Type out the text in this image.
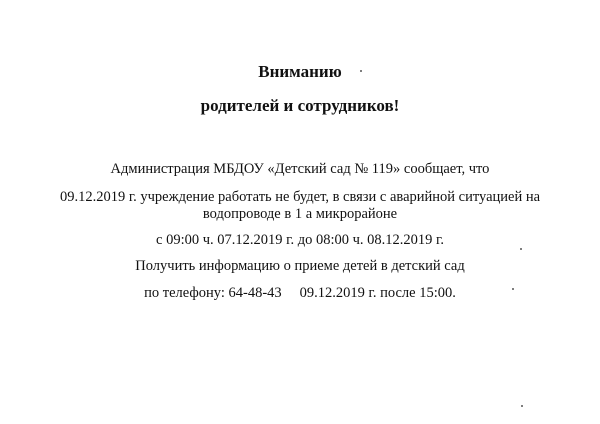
Вниманию
родителей и сотрудников!
Администрация МБДОУ «Детский сад № 119» сообщает, что
09.12.2019 г. учреждение работать не будет, в связи с аварийной ситуацией на
водопроводе в 1 а микрорайоне
с 09:00 ч. 07.12.2019 г. до 08:00 ч. 08.12.2019 г.
Получить информацию о приеме детей в детский сад
по телефону: 64-48-43 09.12.2019 г. после 15:00.
